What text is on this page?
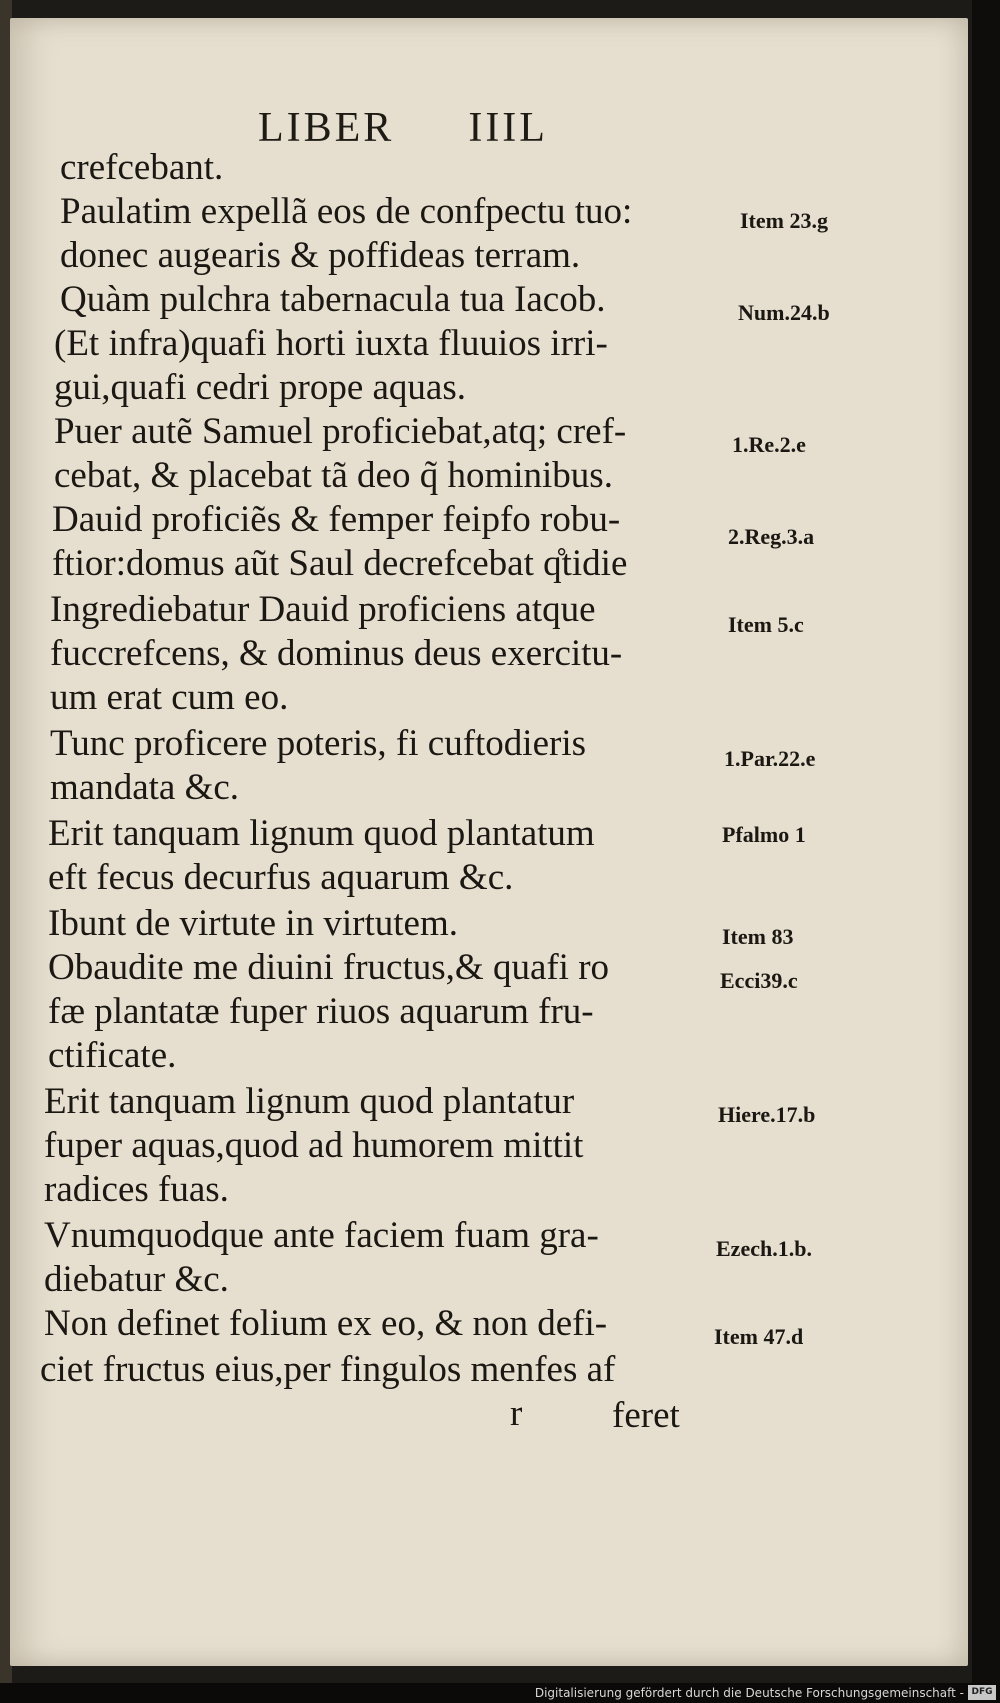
LIBER IIIL
crefcebant.
Paulatim expellã eos de confpectu tuo:
donec augearis & poffideas terram.
Quàm pulchra tabernacula tua Iacob.
(Et infra)quafi horti iuxta fluuios irri-
gui,quafi cedri prope aquas.
Puer autẽ Samuel proficiebat,atq; cref-
cebat, & placebat tã deo q̃ hominibus.
Dauid proficiẽs & femper feipfo robu-
ftior:domus aũt Saul decrefcebat q̊tidie
Ingrediebatur Dauid proficiens atque
fuccrefcens, & dominus deus exercitu-
um erat cum eo.
Tunc proficere poteris, fi cuftodieris
mandata &c.
Erit tanquam lignum quod plantatum
eft fecus decurfus aquarum &c.
Ibunt de virtute in virtutem.
Obaudite me diuini fructus,& quafi ro
fæ plantatæ fuper riuos aquarum fru-
ctificate.
Erit tanquam lignum quod plantatur
fuper aquas,quod ad humorem mittit
radices fuas.
Vnumquodque ante faciem fuam gra-
diebatur &c.
Non definet folium ex eo, & non defi-
ciet fructus eius,per fingulos menfes af
Item 23.g
Num.24.b
1.Re.2.e
2.Reg.3.a
Item 5.c
1.Par.22.e
Pfalmo 1
Item 83
Ecci39.c
Hiere.17.b
Ezech.1.b.
Item 47.d
r feret
Digitalisierung gefördert durch die Deutsche Forschungsgemeinschaft - DFG
